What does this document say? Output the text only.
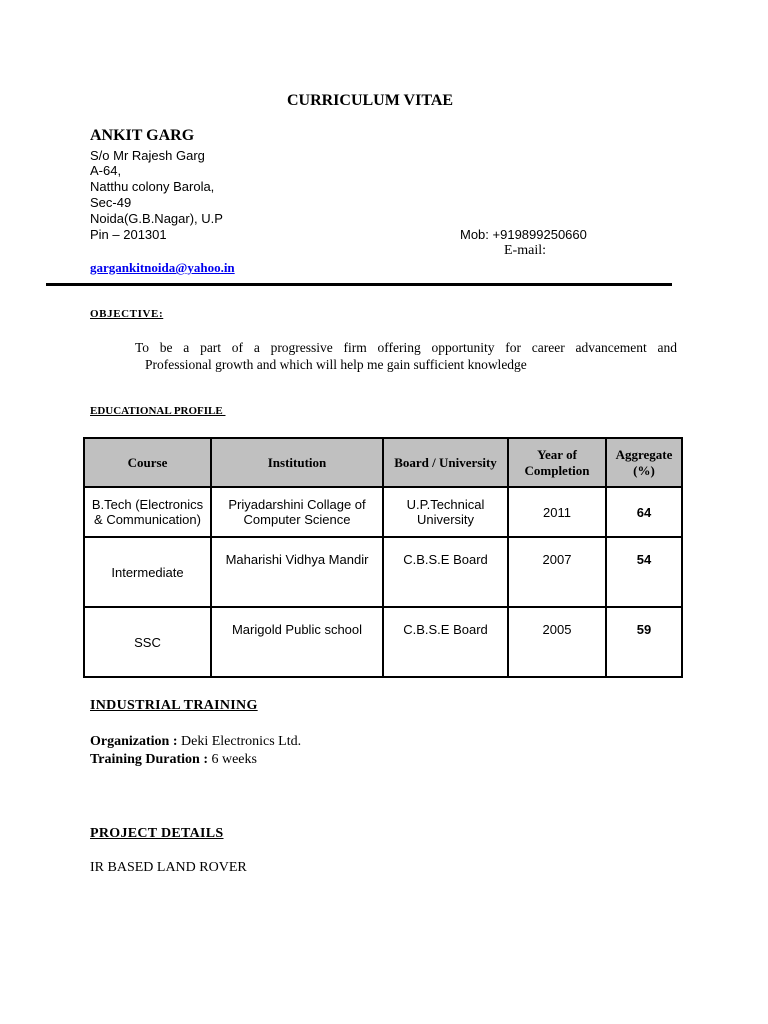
CURRICULUM VITAE
ANKIT GARG
S/o Mr Rajesh Garg
A-64,
Natthu colony Barola,
Sec-49
Noida(G.B.Nagar), U.P
Pin – 201301	Mob: +919899250660
E-mail:
gargankitnoida@yahoo.in
OBJECTIVE:
To be a part of a progressive firm offering opportunity for career advancement and
Professional growth and which will help me gain sufficient knowledge
EDUCATIONAL PROFILE
Course	Institution	Board / University	Year of Completion	Aggregate (%)
B.Tech (Electronics & Communication)	Priyadarshini Collage of Computer Science	U.P.Technical University	2011	64
Intermediate	Maharishi Vidhya Mandir	C.B.S.E Board	2007	54
SSC	Marigold Public school	C.B.S.E Board	2005	59
INDUSTRIAL TRAINING
Organization : Deki Electronics Ltd.
Training Duration : 6 weeks
PROJECT DETAILS
IR BASED LAND ROVER
